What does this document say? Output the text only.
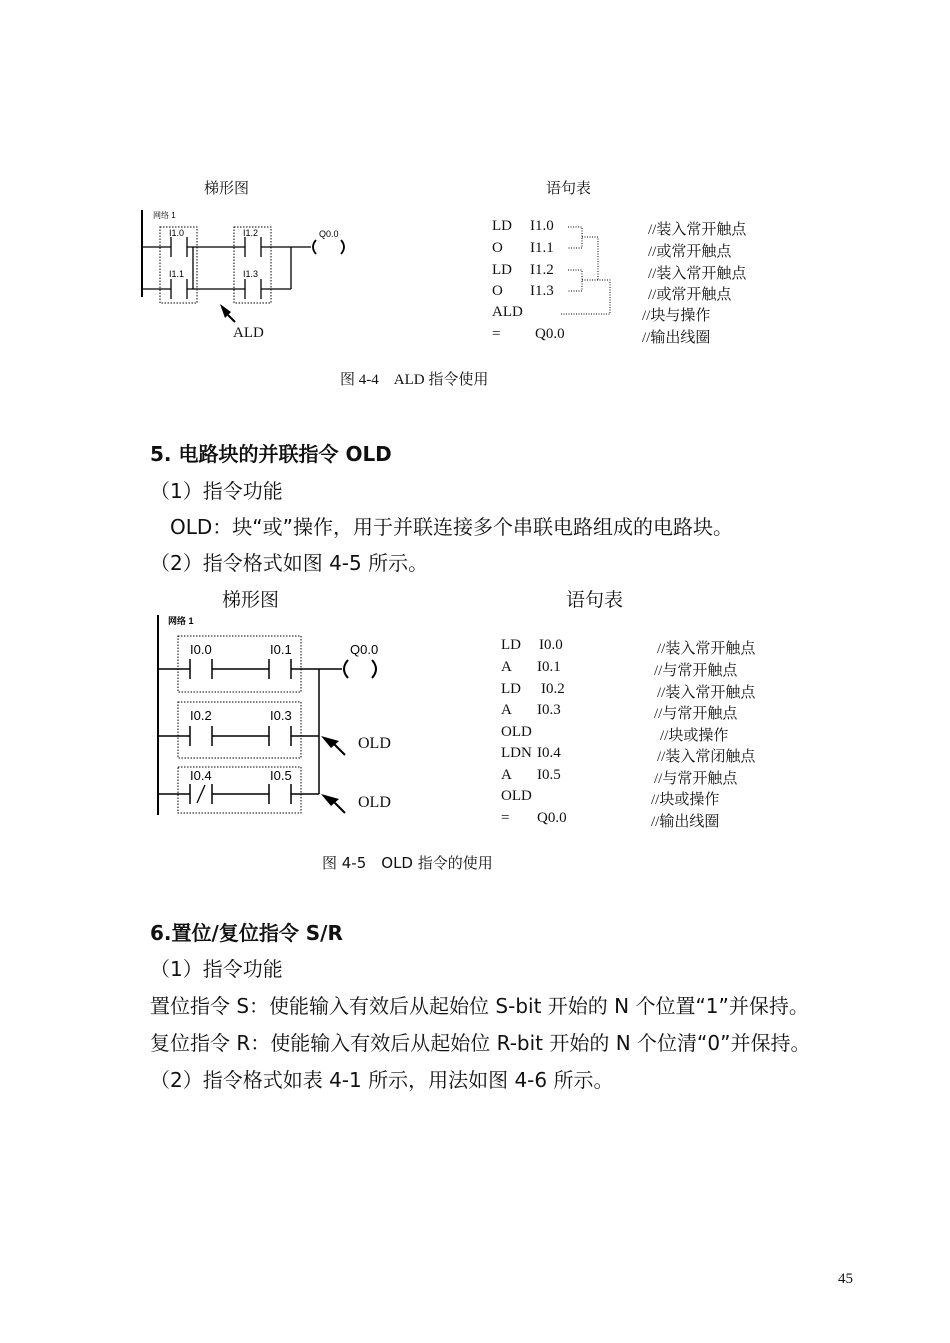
梯形图	语句表
网络 1
I1.0	I1.2
I1.1	I1.3
Q0.0
ALD
LD I1.0	//装入常开触点
O I1.1	//或常开触点
LD I1.2	//装入常开触点
O I1.3	//或常开触点
ALD	//块与操作
= Q0.0	//输出线圈
图 4-4　ALD 指令使用
5. 电路块的并联指令 OLD
（1）指令功能
OLD：块“或”操作，用于并联连接多个串联电路组成的电路块。
（2）指令格式如图 4-5 所示。
梯形图	语句表
网络 1
I0.0	I0.1
I0.2	I0.3
I0.4	I0.5
Q0.0
OLD
OLD
LD I0.0	//装入常开触点
A I0.1	//与常开触点
LD I0.2	//装入常开触点
A I0.3	//与常开触点
OLD	//块或操作
LDN I0.4	//装入常闭触点
A I0.5	//与常开触点
OLD	//块或操作
= Q0.0	//输出线圈
图 4-5　OLD 指令的使用
6.置位/复位指令 S/R
（1）指令功能
置位指令 S：使能输入有效后从起始位 S-bit 开始的 N 个位置“1”并保持。
复位指令 R：使能输入有效后从起始位 R-bit 开始的 N 个位清“0”并保持。
（2）指令格式如表 4-1 所示，用法如图 4-6 所示。
45
